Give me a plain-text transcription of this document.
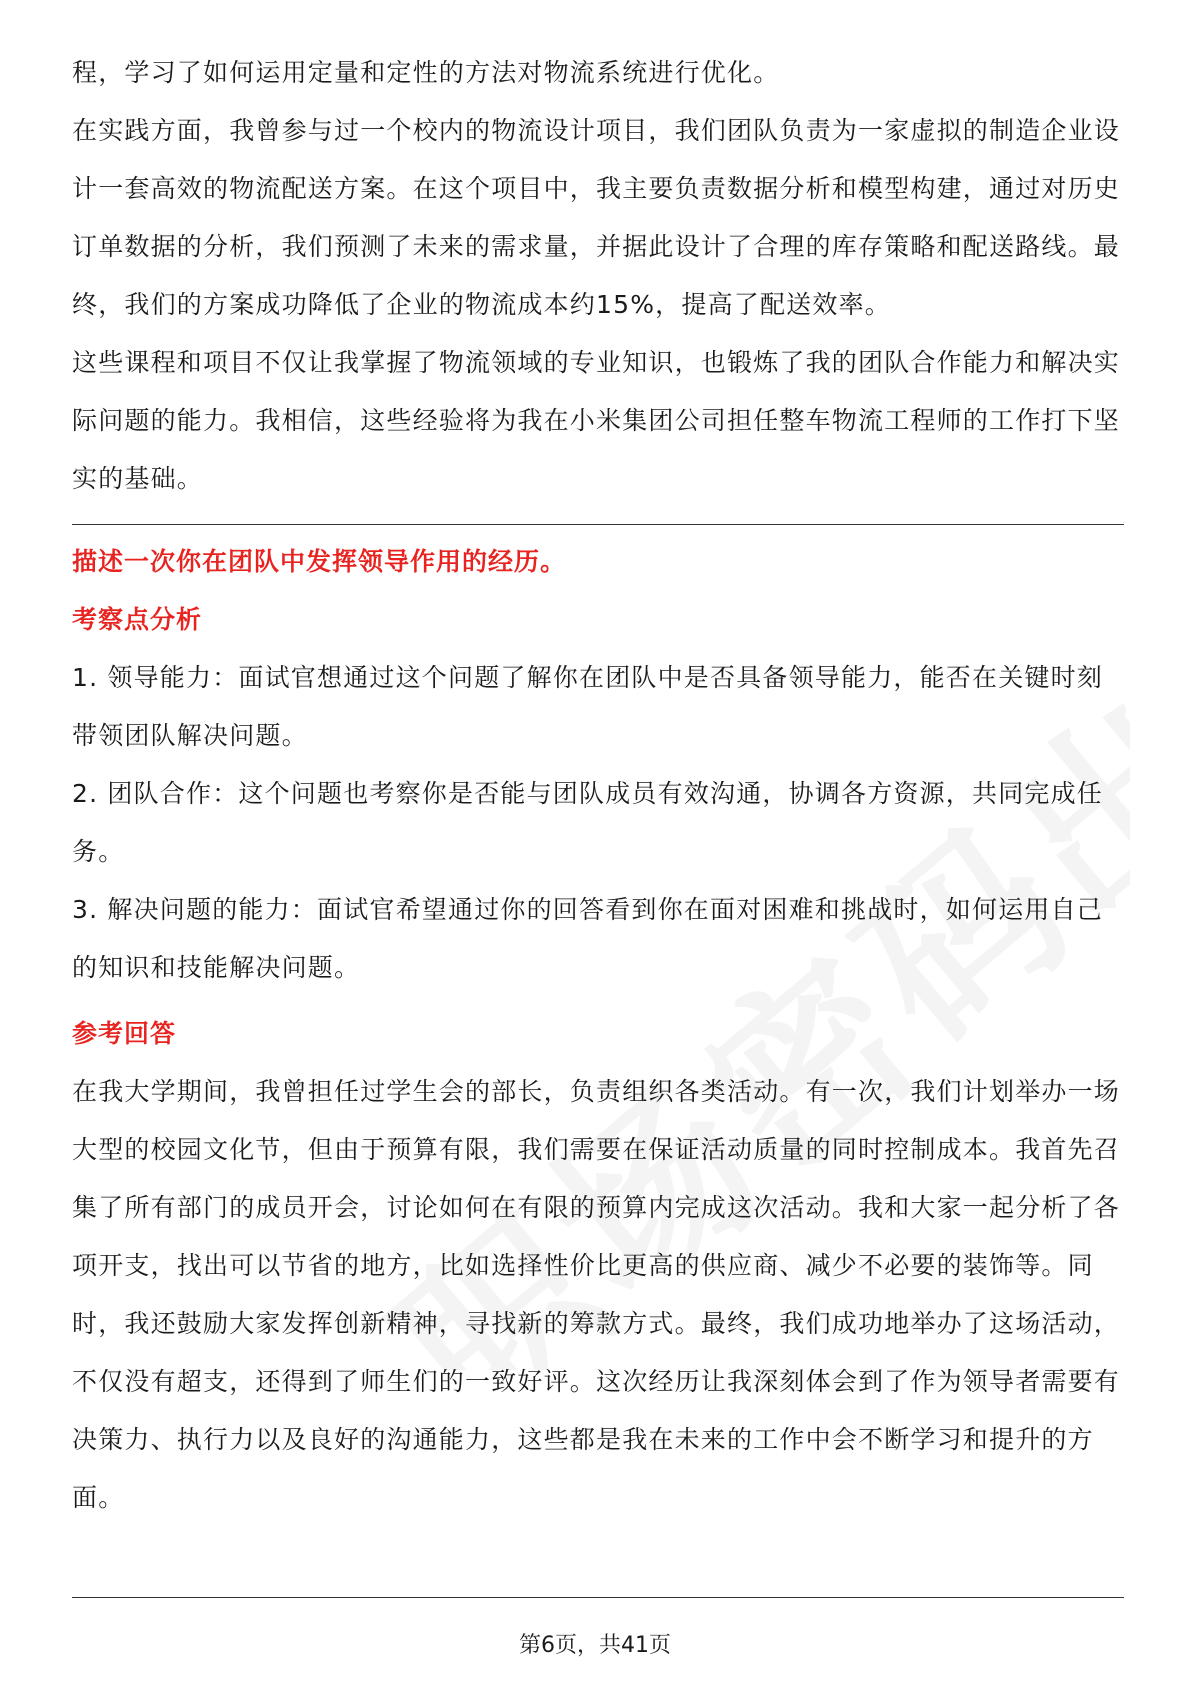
程，学习了如何运用定量和定性的方法对物流系统进行优化。

在实践方面，我曾参与过一个校内的物流设计项目，我们团队负责为一家虚拟的制造企业设计一套高效的物流配送方案。在这个项目中，我主要负责数据分析和模型构建，通过对历史订单数据的分析，我们预测了未来的需求量，并据此设计了合理的库存策略和配送路线。最终，我们的方案成功降低了企业的物流成本约15%，提高了配送效率。

这些课程和项目不仅让我掌握了物流领域的专业知识，也锻炼了我的团队合作能力和解决实际问题的能力。我相信，这些经验将为我在小米集团公司担任整车物流工程师的工作打下坚实的基础。

描述一次你在团队中发挥领导作用的经历。
考察点分析

1. 领导能力：面试官想通过这个问题了解你在团队中是否具备领导能力，能否在关键时刻带领团队解决问题。

2. 团队合作：这个问题也考察你是否能与团队成员有效沟通，协调各方资源，共同完成任务。

3. 解决问题的能力：面试官希望通过你的回答看到你在面对困难和挑战时，如何运用自己的知识和技能解决问题。

参考回答

在我大学期间，我曾担任过学生会的部长，负责组织各类活动。有一次，我们计划举办一场大型的校园文化节，但由于预算有限，我们需要在保证活动质量的同时控制成本。我首先召集了所有部门的成员开会，讨论如何在有限的预算内完成这次活动。我和大家一起分析了各项开支，找出可以节省的地方，比如选择性价比更高的供应商、减少不必要的装饰等。同时，我还鼓励大家发挥创新精神，寻找新的筹款方式。最终，我们成功地举办了这场活动，不仅没有超支，还得到了师生们的一致好评。这次经历让我深刻体会到了作为领导者需要有决策力、执行力以及良好的沟通能力，这些都是我在未来的工作中会不断学习和提升的方面。

第6页，共41页
